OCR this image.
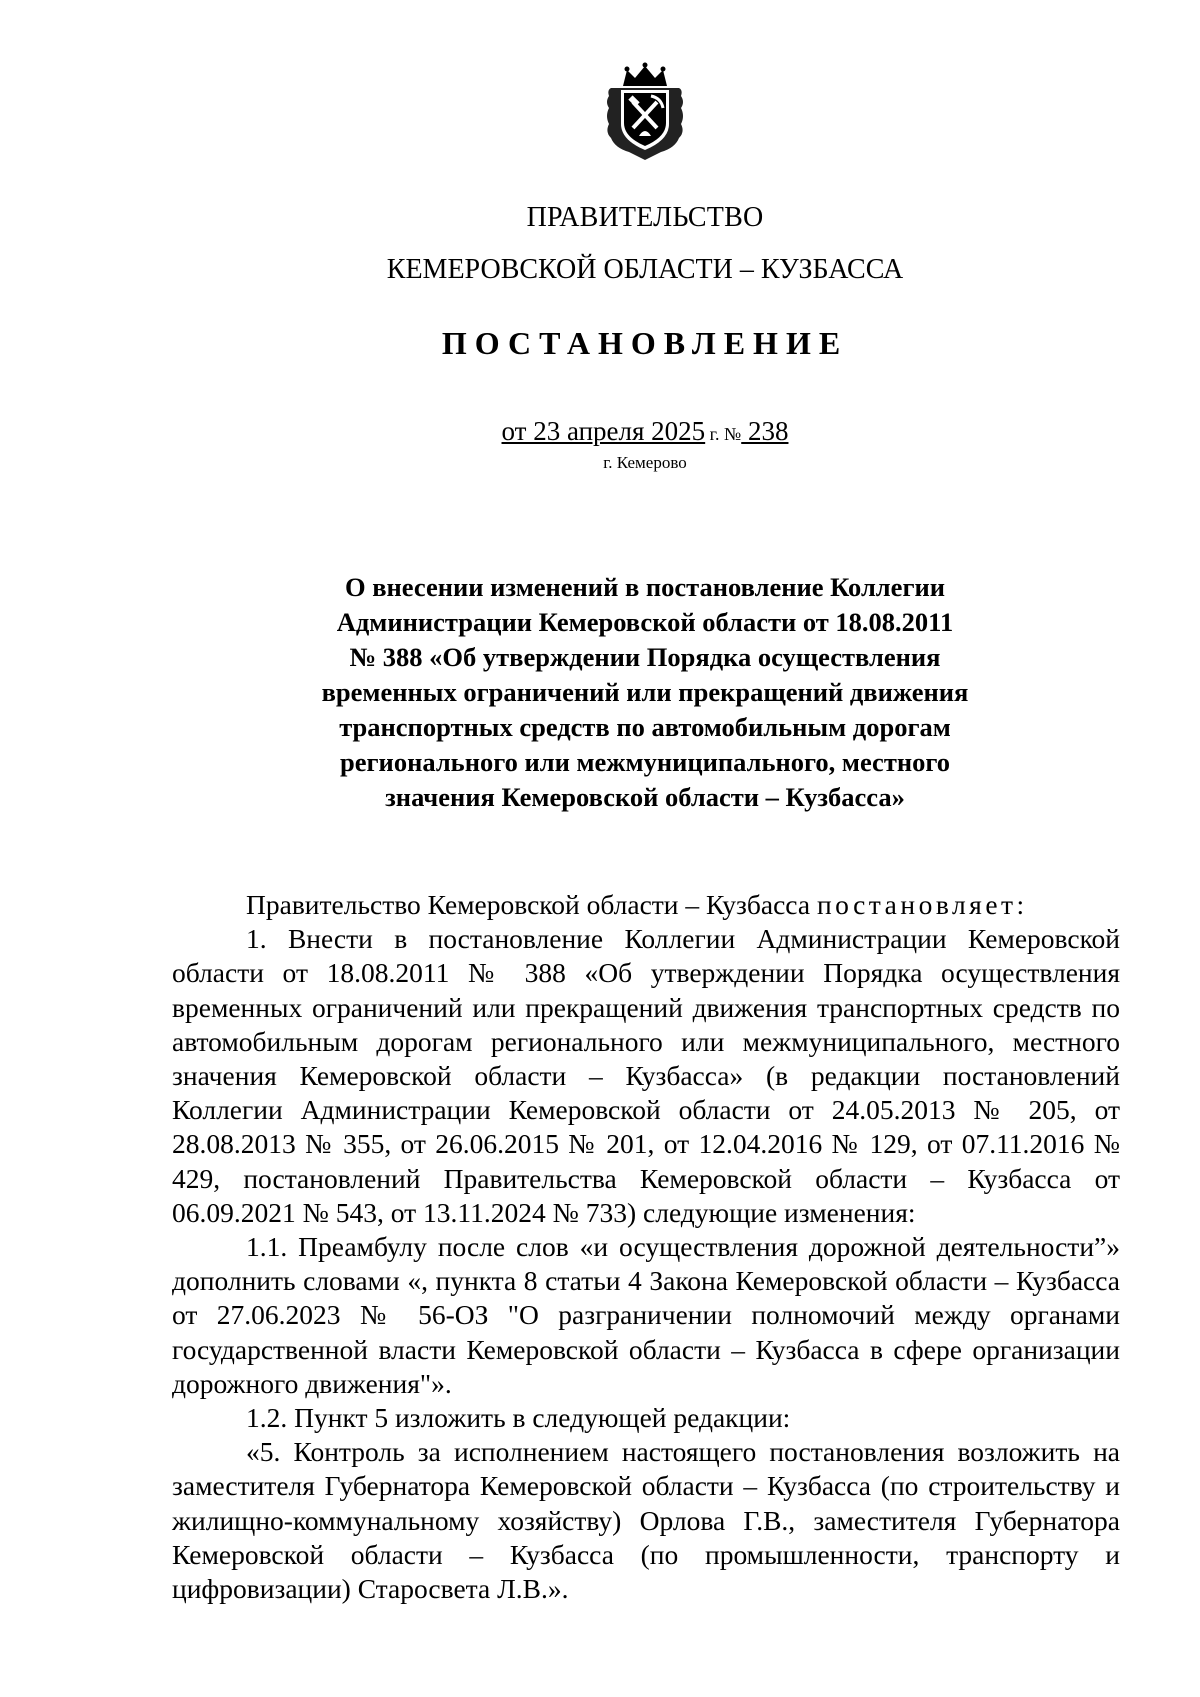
ПРАВИТЕЛЬСТВО
КЕМЕРОВСКОЙ ОБЛАСТИ – КУЗБАССА
ПОСТАНОВЛЕНИЕ
от 23 апреля 2025 г. № 238
г. Кемерово
О внесении изменений в постановление Коллегии
Администрации Кемеровской области от 18.08.2011
№ 388 «Об утверждении Порядка осуществления
временных ограничений или прекращений движения
транспортных средств по автомобильным дорогам
регионального или межмуниципального, местного
значения Кемеровской области – Кузбасса»

Правительство Кемеровской области – Кузбасса постановляет:

1. Внести в постановление Коллегии Администрации Кемеровской области от 18.08.2011 № 388 «Об утверждении Порядка осуществления временных ограничений или прекращений движения транспортных средств по автомобильным дорогам регионального или межмуниципального, местного значения Кемеровской области – Кузбасса» (в редакции постановлений Коллегии Администрации Кемеровской области от 24.05.2013 № 205, от 28.08.2013 № 355, от 26.06.2015 № 201, от 12.04.2016 № 129, от 07.11.2016 № 429, постановлений Правительства Кемеровской области – Кузбасса от 06.09.2021 № 543, от 13.11.2024 № 733) следующие изменения:

1.1. Преамбулу после слов «и осуществления дорожной деятельности”» дополнить словами «, пункта 8 статьи 4 Закона Кемеровской области – Кузбасса от 27.06.2023 № 56-ОЗ "О разграничении полномочий между органами государственной власти Кемеровской области – Кузбасса в сфере организации дорожного движения"».

1.2. Пункт 5 изложить в следующей редакции:

«5. Контроль за исполнением настоящего постановления возложить на заместителя Губернатора Кемеровской области – Кузбасса (по строительству и жилищно-коммунальному хозяйству) Орлова Г.В., заместителя Губернатора Кемеровской области – Кузбасса (по промышленности, транспорту и цифровизации) Старосвета Л.В.».
